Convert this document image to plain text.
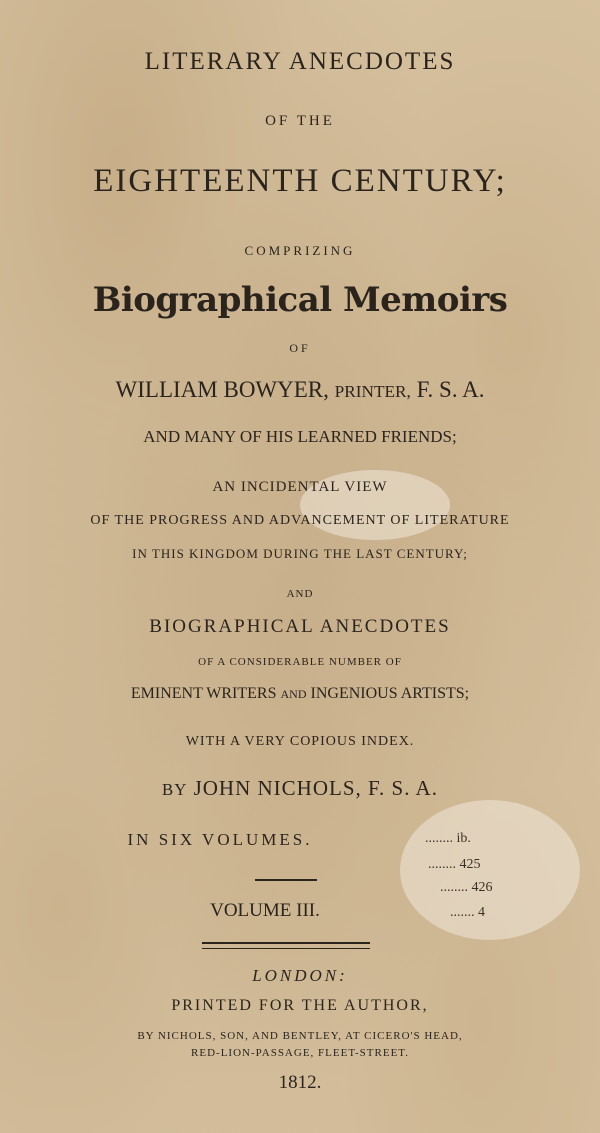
LITERARY ANECDOTES
OF THE
EIGHTEENTH CENTURY;
COMPRIZING
Biographical Memoirs
OF
WILLIAM BOWYER, PRINTER, F. S. A.
AND MANY OF HIS LEARNED FRIENDS;
AN INCIDENTAL VIEW
OF THE PROGRESS AND ADVANCEMENT OF LITERATURE
IN THIS KINGDOM DURING THE LAST CENTURY;
AND
BIOGRAPHICAL ANECDOTES
OF A CONSIDERABLE NUMBER OF
EMINENT WRITERS AND INGENIOUS ARTISTS;
WITH A VERY COPIOUS INDEX.
BY JOHN NICHOLS, F. S. A.
IN SIX VOLUMES.
VOLUME III.
LONDON:
PRINTED FOR THE AUTHOR,
BY NICHOLS, SON, AND BENTLEY, AT CICERO'S HEAD,
RED-LION-PASSAGE, FLEET-STREET.
1812.
........ ib.
........ 425
........ 426
....... 4
